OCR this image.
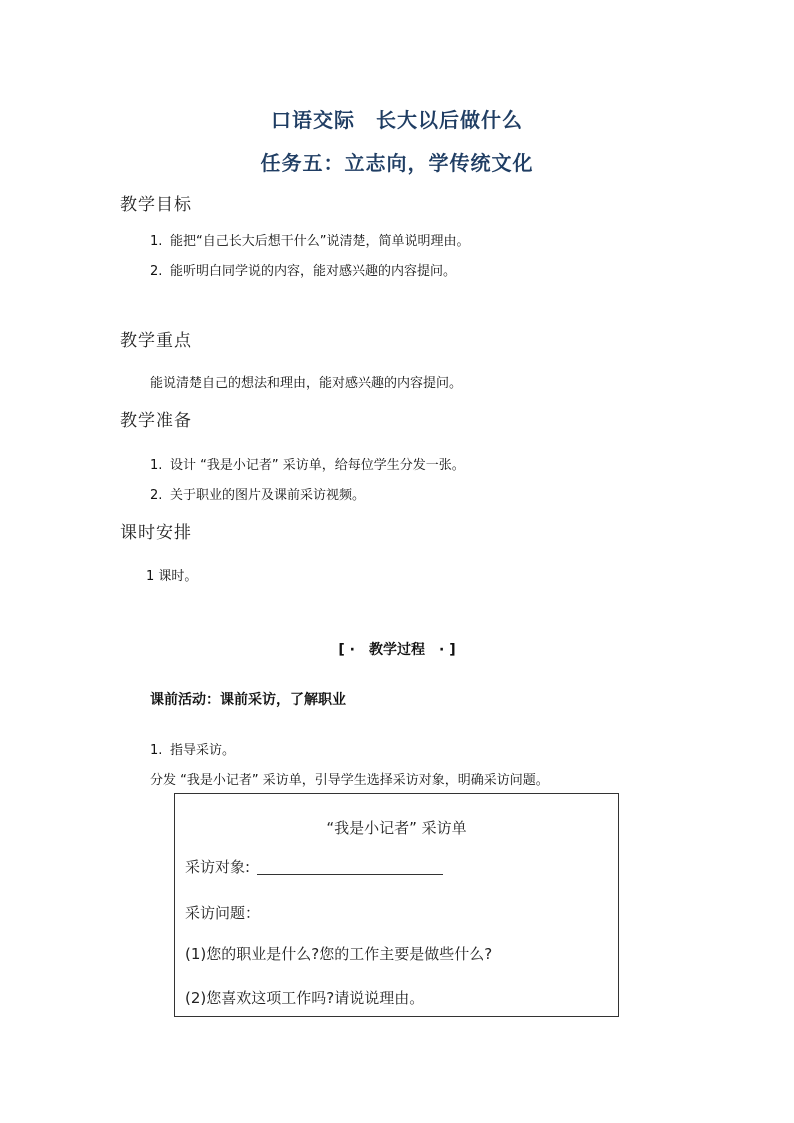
口语交际　长大以后做什么
任务五：立志向，学传统文化
教学目标
1. 能把“自己长大后想干什么”说清楚，简单说明理由。
2. 能听明白同学说的内容，能对感兴趣的内容提问。
教学重点
能说清楚自己的想法和理由，能对感兴趣的内容提问。
教学准备
1. 设计 “我是小记者” 采访单，给每位学生分发一张。
2. 关于职业的图片及课前采访视频。
课时安排
1 课时。
[ · 教学过程 · ]
课前活动：课前采访，了解职业
1. 指导采访。
分发 “我是小记者” 采访单，引导学生选择采访对象，明确采访问题。
“我是小记者” 采访单
采访对象:
采访问题：
(1)您的职业是什么?您的工作主要是做些什么?
(2)您喜欢这项工作吗?请说说理由。
